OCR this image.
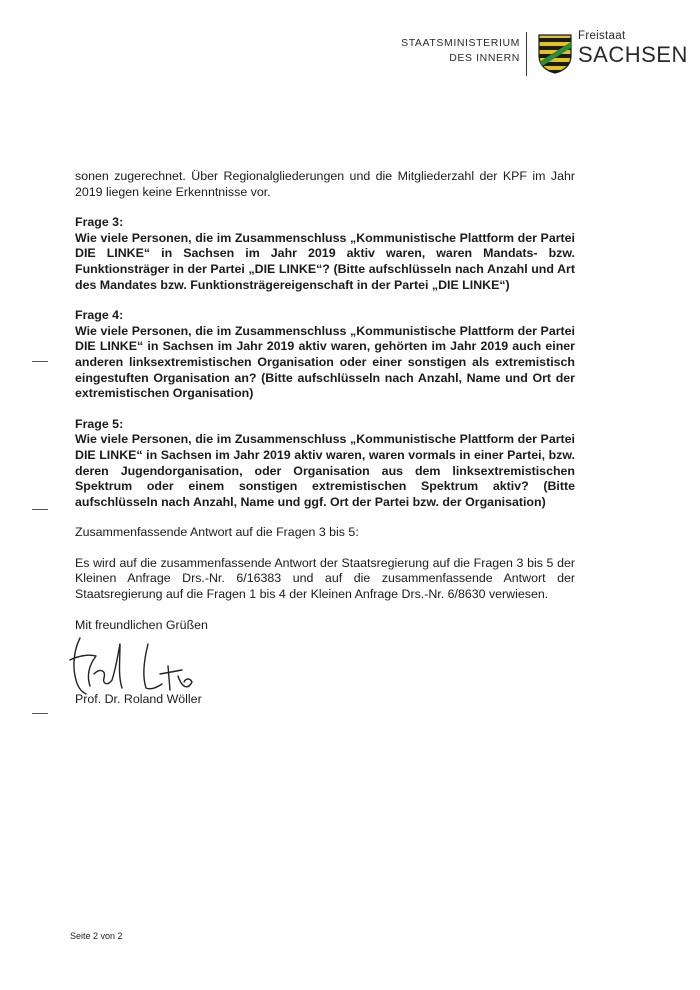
STAATSMINISTERIUM
DES INNERN
Freistaat
SACHSEN

sonen zugerechnet. Über Regionalgliederungen und die Mitgliederzahl der KPF im Jahr 2019 liegen keine Erkenntnisse vor.

Frage 3:

Wie viele Personen, die im Zusammenschluss „Kommunistische Plattform der Partei DIE LINKE“ in Sachsen im Jahr 2019 aktiv waren, waren Mandats- bzw. Funktionsträger in der Partei „DIE LINKE“? (Bitte aufschlüsseln nach Anzahl und Art des Mandates bzw. Funktionsträgereigenschaft in der Partei „DIE LINKE“)

Frage 4:

Wie viele Personen, die im Zusammenschluss „Kommunistische Plattform der Partei DIE LINKE“ in Sachsen im Jahr 2019 aktiv waren, gehörten im Jahr 2019 auch einer anderen linksextremistischen Organisation oder einer sonstigen als extremistisch eingestuften Organisation an? (Bitte aufschlüsseln nach Anzahl, Name und Ort der extremistischen Organisation)

Frage 5:

Wie viele Personen, die im Zusammenschluss „Kommunistische Plattform der Partei DIE LINKE“ in Sachsen im Jahr 2019 aktiv waren, waren vormals in einer Partei, bzw. deren Jugendorganisation, oder Organisation aus dem linksextremistischen Spektrum oder einem sonstigen extremistischen Spektrum aktiv? (Bitte aufschlüsseln nach Anzahl, Name und ggf. Ort der Partei bzw. der Organisation)

Zusammenfassende Antwort auf die Fragen 3 bis 5:

Es wird auf die zusammenfassende Antwort der Staatsregierung auf die Fragen 3 bis 5 der Kleinen Anfrage Drs.-Nr. 6/16383 und auf die zusammenfassende Antwort der Staatsregierung auf die Fragen 1 bis 4 der Kleinen Anfrage Drs.-Nr. 6/8630 verwiesen.

Mit freundlichen Grüßen

Prof. Dr. Roland Wöller
Seite 2 von 2
